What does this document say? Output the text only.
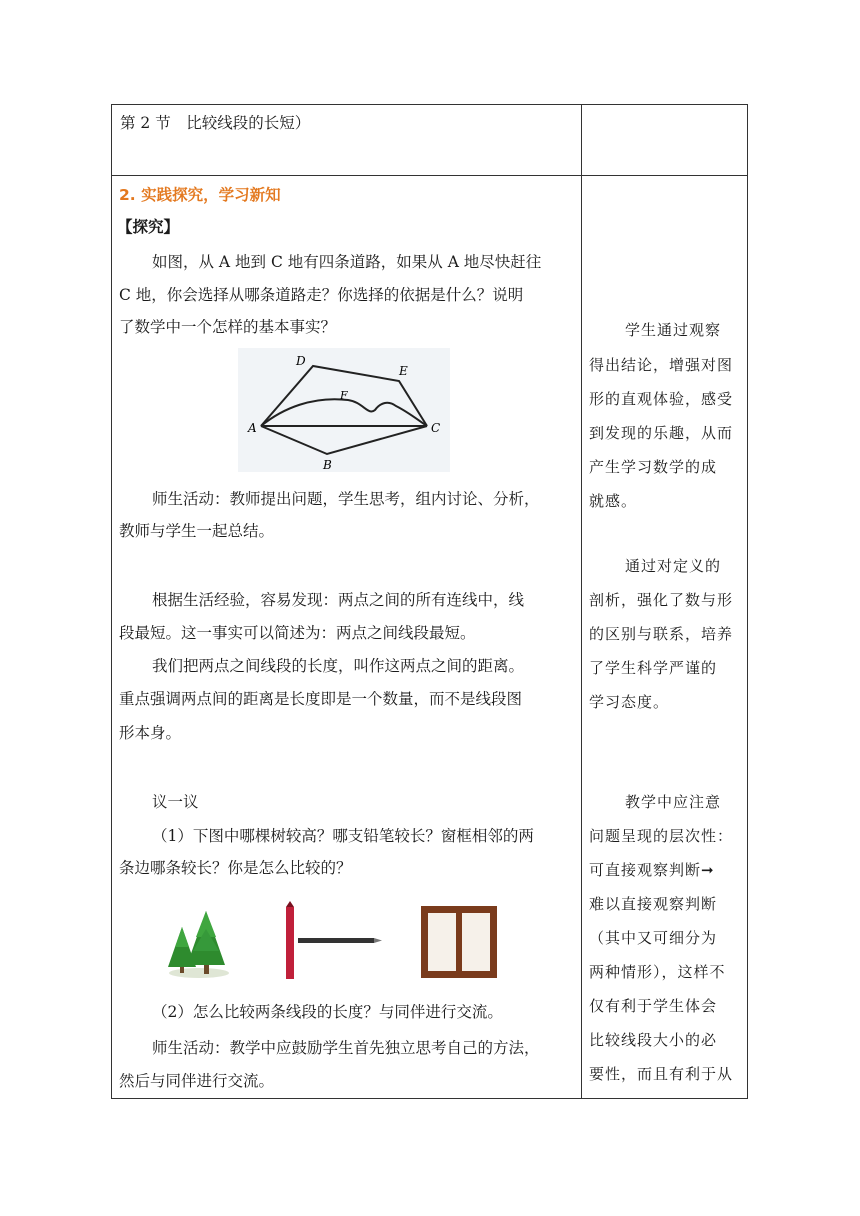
第 2 节　比较线段的长短）
2. 实践探究，学习新知
【探究】
如图，从 A 地到 C 地有四条道路，如果从 A 地尽快赶往
C 地，你会选择从哪条道路走？你选择的依据是什么？说明
了数学中一个怎样的基本事实？
A
B
C
D
E
F
师生活动：教师提出问题，学生思考，组内讨论、分析，
教师与学生一起总结。
根据生活经验，容易发现：两点之间的所有连线中，线
段最短。这一事实可以简述为：两点之间线段最短。
我们把两点之间线段的长度，叫作这两点之间的距离。
重点强调两点间的距离是长度即是一个数量，而不是线段图
形本身。
议一议
（1）下图中哪棵树较高？哪支铅笔较长？窗框相邻的两
条边哪条较长？你是怎么比较的？
（2）怎么比较两条线段的长度？与同伴进行交流。
师生活动：教学中应鼓励学生首先独立思考自己的方法，
然后与同伴进行交流。
学生通过观察
得出结论，增强对图
形的直观体验，感受
到发现的乐趣，从而
产生学习数学的成
就感。
通过对定义的
剖析，强化了数与形
的区别与联系，培养
了学生科学严谨的
学习态度。
教学中应注意
问题呈现的层次性：
可直接观察判断➞
难以直接观察判断
（其中又可细分为
两种情形），这样不
仅有利于学生体会
比较线段大小的必
要性，而且有利于从
